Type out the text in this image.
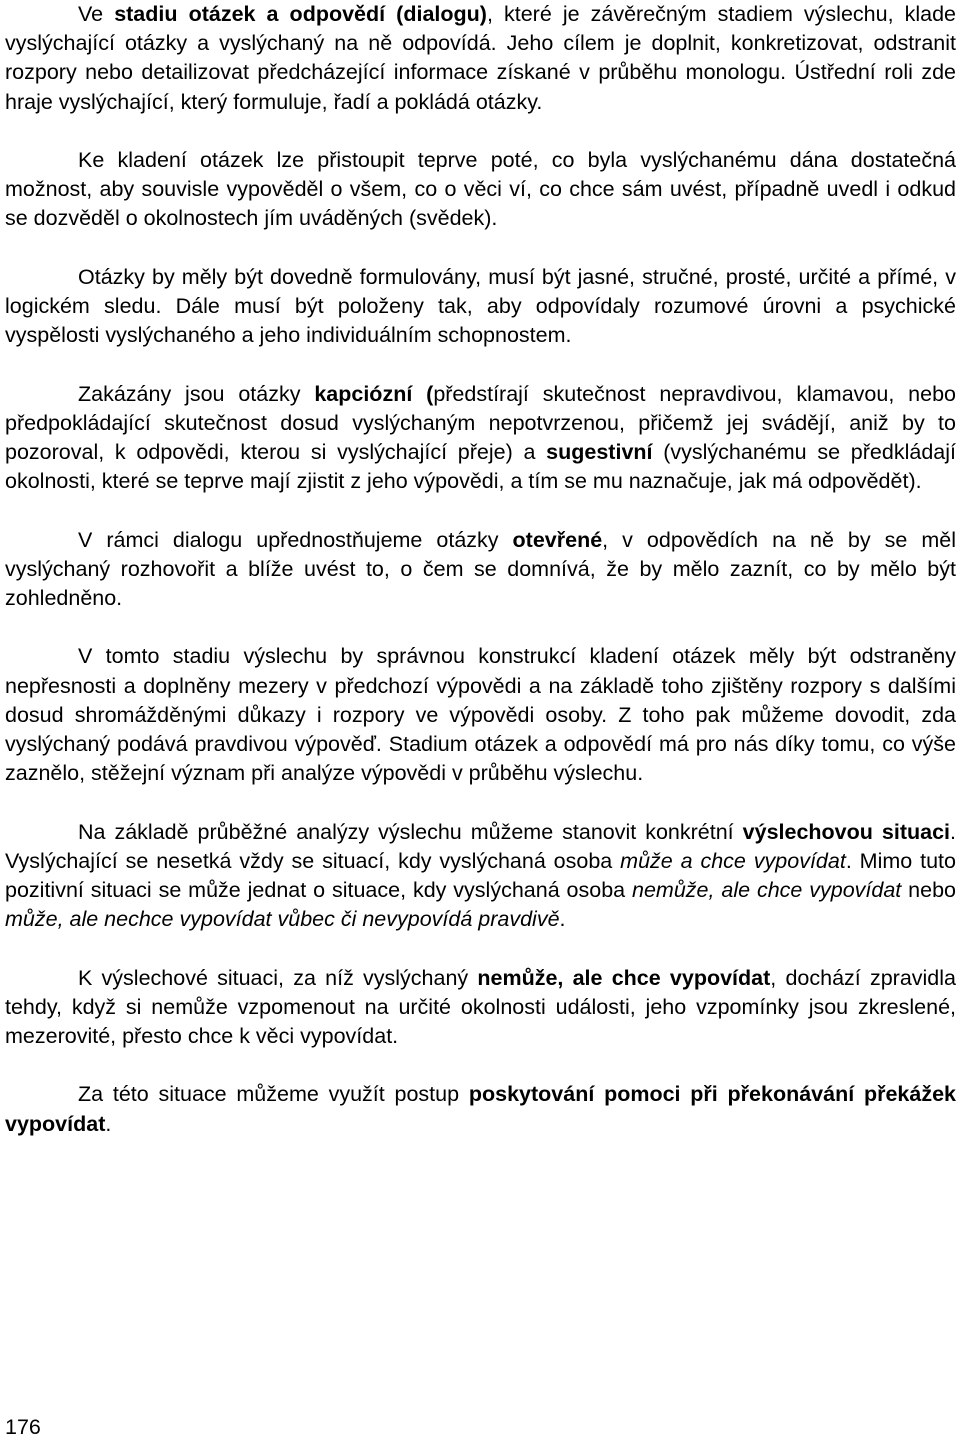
Ve stadiu otázek a odpovědí (dialogu), které je závěrečným stadiem výslechu, klade vyslýchající otázky a vyslýchaný na ně odpovídá. Jeho cílem je doplnit, konkretizovat, odstranit rozpory nebo detailizovat předcházející informace získané v průběhu monologu. Ústřední roli zde hraje vyslýchající, který formuluje, řadí a pokládá otázky.

Ke kladení otázek lze přistoupit teprve poté, co byla vyslýchanému dána dostatečná možnost, aby souvisle vypověděl o všem, co o věci ví, co chce sám uvést, případně uvedl i odkud se dozvěděl o okolnostech jím uváděných (svědek).

Otázky by měly být dovedně formulovány, musí být jasné, stručné, prosté, určité a přímé, v logickém sledu. Dále musí být položeny tak, aby odpovídaly rozumové úrovni a psychické vyspělosti vyslýchaného a jeho individuálním schopnostem.

Zakázány jsou otázky kapciózní (předstírají skutečnost nepravdivou, klamavou, nebo předpokládající skutečnost dosud vyslýchaným nepotvrzenou, přičemž jej svádějí, aniž by to pozoroval, k odpovědi, kterou si vyslýchající přeje) a sugestivní (vyslýchanému se předkládají okolnosti, které se teprve mají zjistit z jeho výpovědi, a tím se mu naznačuje, jak má odpovědět).

V rámci dialogu upřednostňujeme otázky otevřené, v odpovědích na ně by se měl vyslýchaný rozhovořit a blíže uvést to, o čem se domnívá, že by mělo zaznít, co by mělo být zohledněno.

V tomto stadiu výslechu by správnou konstrukcí kladení otázek měly být odstraněny nepřesnosti a doplněny mezery v předchozí výpovědi a na základě toho zjištěny rozpory s dalšími dosud shromážděnými důkazy i rozpory ve výpovědi osoby. Z toho pak můžeme dovodit, zda vyslýchaný podává pravdivou výpověď. Stadium otázek a odpovědí má pro nás díky tomu, co výše zaznělo, stěžejní význam při analýze výpovědi v průběhu výslechu.

Na základě průběžné analýzy výslechu můžeme stanovit konkrétní výslechovou situaci. Vyslýchající se nesetká vždy se situací, kdy vyslýchaná osoba může a chce vypovídat. Mimo tuto pozitivní situaci se může jednat o situace, kdy vyslýchaná osoba nemůže, ale chce vypovídat nebo může, ale nechce vypovídat vůbec či nevypovídá pravdivě.

K výslechové situaci, za níž vyslýchaný nemůže, ale chce vypovídat, dochází zpravidla tehdy, když si nemůže vzpomenout na určité okolnosti události, jeho vzpomínky jsou zkreslené, mezerovité, přesto chce k věci vypovídat.

Za této situace můžeme využít postup poskytování pomoci při překonávání překážek vypovídat.

176
